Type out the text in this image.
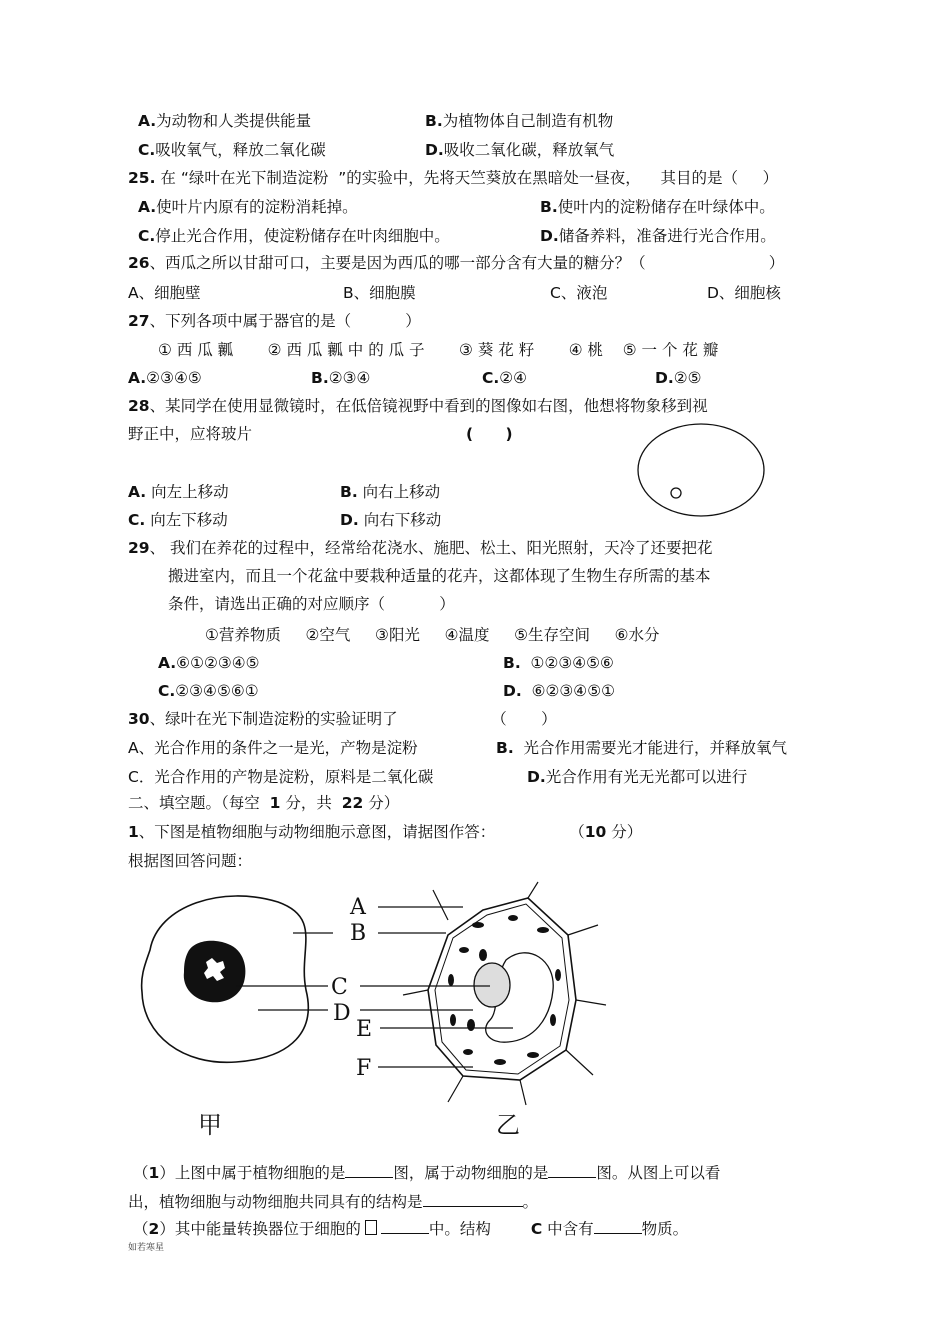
A.为动物和人类提供能量	B.为植物体自己制造有机物
C.吸收氧气，释放二氧化碳	D.吸收二氧化碳，释放氧气
25. 在 “绿叶在光下制造淀粉  ”的实验中，先将天竺葵放在黑暗处一昼夜，    其目的是（     ）
A.使叶片内原有的淀粉消耗掉。	B.使叶内的淀粉储存在叶绿体中。
C.停止光合作用，使淀粉储存在叶肉细胞中。	D.储备养料，准备进行光合作用。
26、西瓜之所以甘甜可口，主要是因为西瓜的哪一部分含有大量的糖分？（                         ）
A、细胞壁	B、细胞膜	C、液泡	D、细胞核
27、下列各项中属于器官的是（           ）
① 西 瓜 瓤       ② 西 瓜 瓤 中 的 瓜 子       ③ 葵 花 籽       ④ 桃    ⑤ 一 个 花 瓣
A.②③④⑤	B.②③④	C.②④	D.②⑤
28、某同学在使用显微镜时，在低倍镜视野中看到的图像如右图，他想将物象移到视
野正中，应将玻片	(      )
A. 向左上移动	B. 向右上移动
C. 向左下移动	D. 向右下移动
29、 我们在养花的过程中，经常给花浇水、施肥、松土、阳光照射，天冷了还要把花
搬进室内，而且一个花盆中要栽种适量的花卉，这都体现了生物生存所需的基本
条件，请选出正确的对应顺序（           ）
①营养物质     ②空气     ③阳光     ④温度     ⑤生存空间     ⑥水分
A.⑥①②③④⑤	B.  ①②③④⑤⑥
C.②③④⑤⑥①	D.  ⑥②③④⑤①
30、绿叶在光下制造淀粉的实验证明了                   （       ）
A、光合作用的条件之一是光，产物是淀粉	B.  光合作用需要光才能进行，并释放氧气
C．光合作用的产物是淀粉，原料是二氧化碳	D.光合作用有光无光都可以进行
二、填空题。（每空  1 分，共  22 分）
1、下图是植物细胞与动物细胞示意图，请据图作答：               （10 分）
根据图回答问题：
A
B
C
D
E
F
甲	乙
（1）上图中属于植物细胞的是	图，属于动物细胞的是	图。从图上可以看
出，植物细胞与动物细胞共同具有的结构是	。
（2）其中能量转换器位于细胞的	中。结构	C 中含有	物质。
如若寒星
